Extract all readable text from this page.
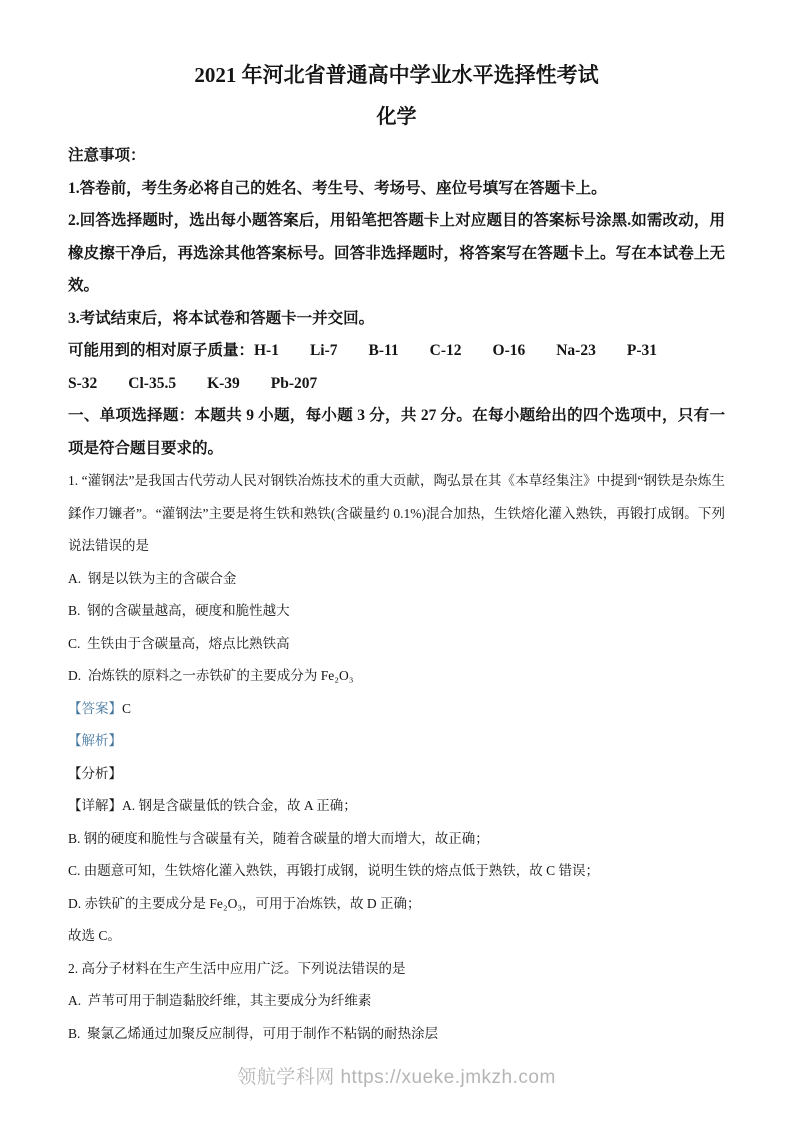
2021 年河北省普通高中学业水平选择性考试
化学

注意事项：

1.答卷前，考生务必将自己的姓名、考生号、考场号、座位号填写在答题卡上。

2.回答选择题时，选出每小题答案后，用铅笔把答题卡上对应题目的答案标号涂黑.如需改动，用橡皮擦干净后，再选涂其他答案标号。回答非选择题时，将答案写在答题卡上。写在本试卷上无效。

3.考试结束后，将本试卷和答题卡一并交回。

可能用到的相对原子质量：H-1        Li-7        B-11        C-12        O-16        Na-23        P-31

S-32        Cl-35.5        K-39        Pb-207

一、单项选择题：本题共 9 小题，每小题 3 分，共 27 分。在每小题给出的四个选项中，只有一项是符合题目要求的。

1. “灌钢法”是我国古代劳动人民对钢铁冶炼技术的重大贡献，陶弘景在其《本草经集注》中提到“钢铁是杂炼生鍒作刀镰者”。“灌钢法”主要是将生铁和熟铁(含碳量约 0.1%)混合加热，生铁熔化灌入熟铁，再锻打成钢。下列说法错误的是

A.  钢是以铁为主的含碳合金

B.  钢的含碳量越高，硬度和脆性越大

C.  生铁由于含碳量高，熔点比熟铁高

D.  冶炼铁的原料之一赤铁矿的主要成分为 Fe₂O₃

【答案】C

【解析】

【分析】

【详解】A. 钢是含碳量低的铁合金，故 A 正确；

B. 钢的硬度和脆性与含碳量有关，随着含碳量的增大而增大，故正确；

C. 由题意可知，生铁熔化灌入熟铁，再锻打成钢，说明生铁的熔点低于熟铁，故 C 错误；

D. 赤铁矿的主要成分是 Fe₂O₃，可用于冶炼铁，故 D 正确；

故选 C。

2. 高分子材料在生产生活中应用广泛。下列说法错误的是

A.  芦苇可用于制造黏胶纤维，其主要成分为纤维素

B.  聚氯乙烯通过加聚反应制得，可用于制作不粘锅的耐热涂层

领航学科网 https://xueke.jmkzh.com
